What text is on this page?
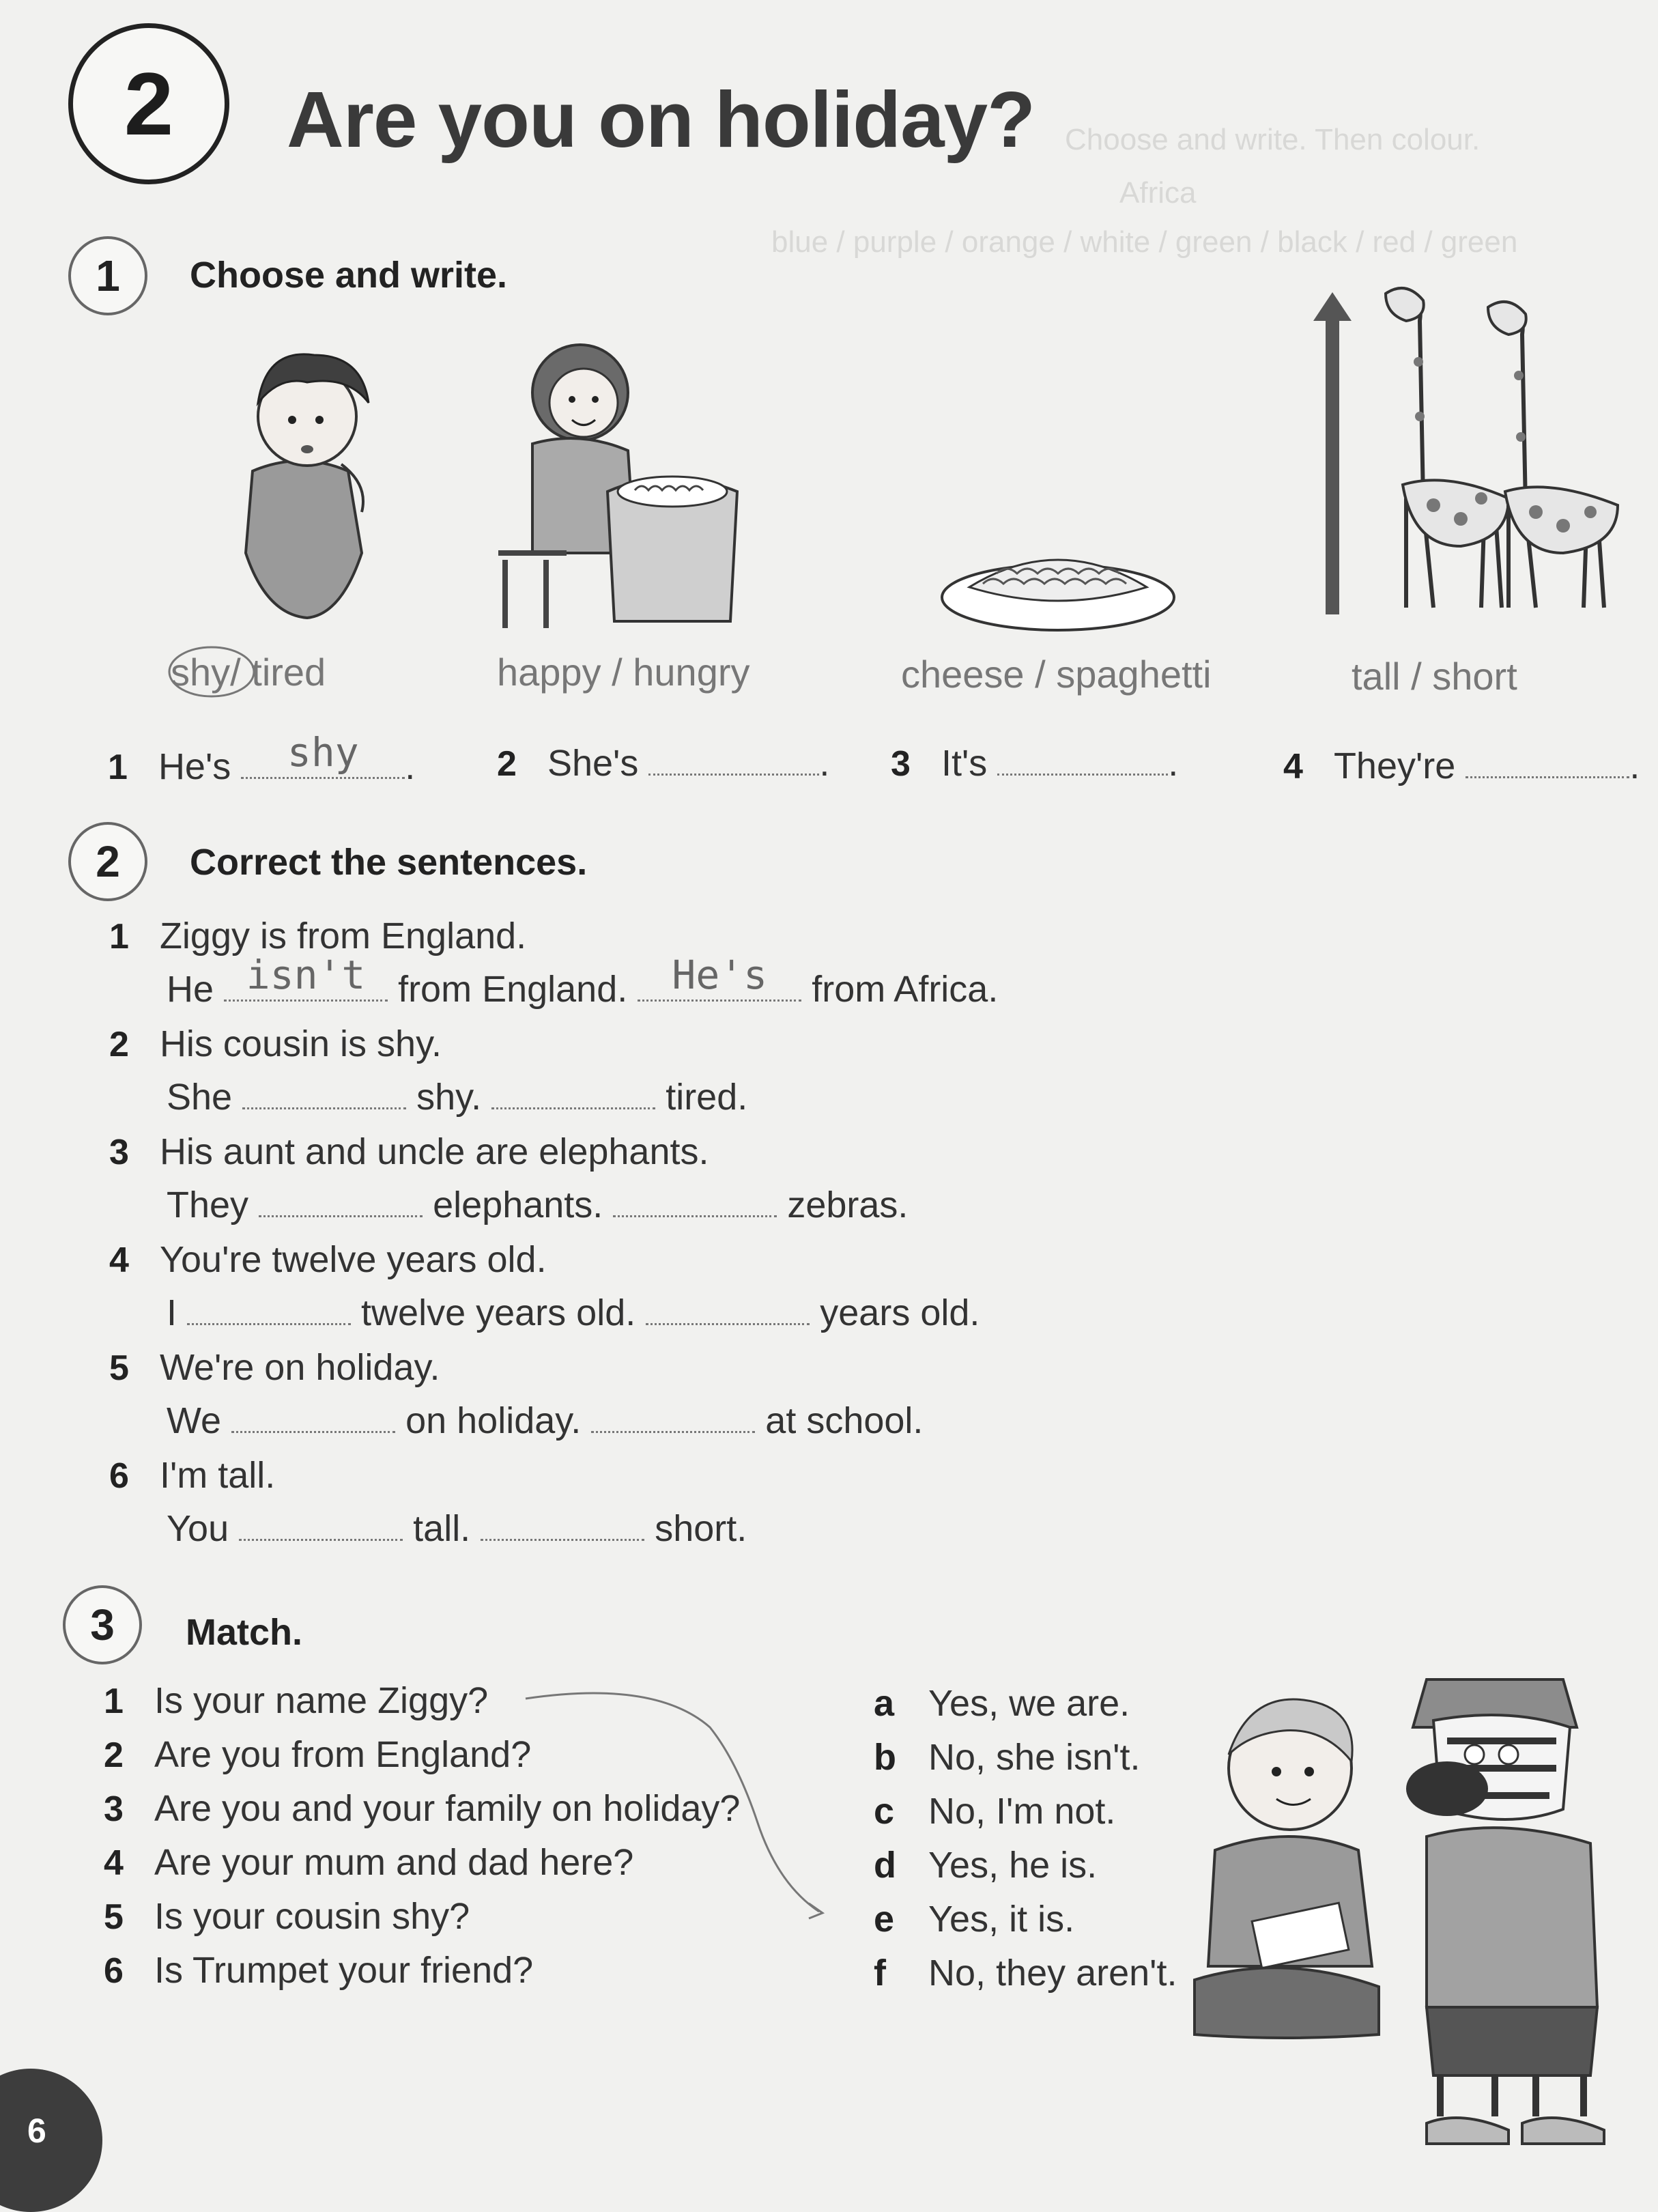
Choose and write. Then colour.
Africa
blue / purple / orange / white / green / black / red / green
2	Are you on holiday?
1	Choose and write.
shy/ tired	happy / hungry	cheese / spaghetti	tall / short
1 He's	shy	. 2 She's	. 3 It's	.	4 They're	.
2	Correct the sentences.
1 Ziggy is from England.
He isn't from England.	He's	from Africa.
2 His cousin is shy.
She	shy.	tired.
3 His aunt and uncle are elephants.
They	elephants.	zebras.
4 You're twelve years old.
I	twelve years old.	years old.
5 We're on holiday.
We	on holiday.	at school.
6 I'm tall.
You	tall.	short.
3	Match.
1 Is your name Ziggy?
2 Are you from England?
3 Are you and your family on holiday?
4 Are your mum and dad here?
5 Is your cousin shy?
6 Is Trumpet your friend?
a Yes, we are.
b No, she isn't.
c No, I'm not.
d Yes, he is.
e Yes, it is.
f No, they aren't.
6
